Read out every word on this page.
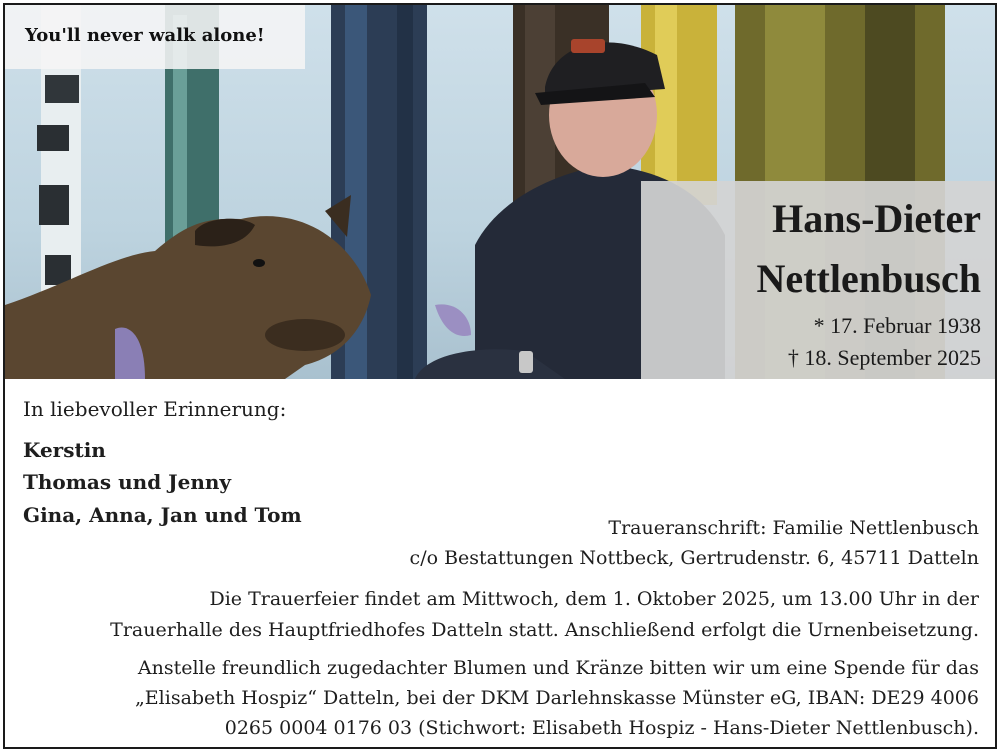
You'll never walk alone!
Hans-Dieter
Nettlenbusch
* 17. Februar 1938
† 18. September 2025
In liebevoller Erinnerung:
Kerstin
Thomas und Jenny
Gina, Anna, Jan und Tom
Traueranschrift: Familie Nettlenbusch
c/o Bestattungen Nottbeck, Gertrudenstr. 6, 45711 Datteln
Die Trauerfeier findet am Mittwoch, dem 1. Oktober 2025, um 13.00 Uhr in der
Trauerhalle des Hauptfriedhofes Datteln statt. Anschließend erfolgt die Urnenbeisetzung.
Anstelle freundlich zugedachter Blumen und Kränze bitten wir um eine Spende für das
„Elisabeth Hospiz“ Datteln, bei der DKM Darlehnskasse Münster eG, IBAN: DE29 4006
0265 0004 0176 03 (Stichwort: Elisabeth Hospiz - Hans-Dieter Nettlenbusch).
